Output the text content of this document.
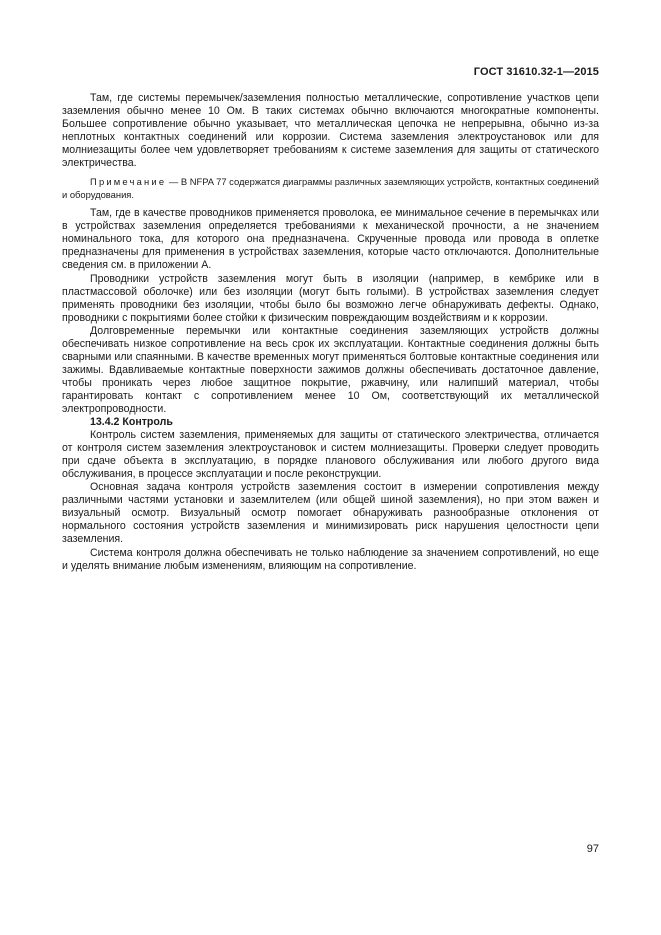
ГОСТ 31610.32-1—2015

Там, где системы перемычек/заземления полностью металлические, сопротивление участков цепи заземления обычно менее 10 Ом. В таких системах обычно включаются многократные компоненты. Большее сопротивление обычно указывает, что металлическая цепочка не непрерывна, обычно из-за неплотных контактных соединений или коррозии. Система заземления электроустановок или для молниезащиты более чем удовлетворяет требованиям к системе заземления для защиты от статического электричества.

Примечание — В NFPA 77 содержатся диаграммы различных заземляющих устройств, контактных соединений и оборудования.

Там, где в качестве проводников применяется проволока, ее минимальное сечение в перемычках или в устройствах заземления определяется требованиями к механической прочности, а не значением номинального тока, для которого она предназначена. Скрученные провода или провода в оплетке предназначены для применения в устройствах заземления, которые часто отключаются. Дополнительные сведения см. в приложении А.

Проводники устройств заземления могут быть в изоляции (например, в кембрике или в пластмассовой оболочке) или без изоляции (могут быть голыми). В устройствах заземления следует применять проводники без изоляции, чтобы было бы возможно легче обнаруживать дефекты. Однако, проводники с покрытиями более стойки к физическим повреждающим воздействиям и к коррозии.

Долговременные перемычки или контактные соединения заземляющих устройств должны обеспечивать низкое сопротивление на весь срок их эксплуатации. Контактные соединения должны быть сварными или спаянными. В качестве временных могут применяться болтовые контактные соединения или зажимы. Вдавливаемые контактные поверхности зажимов должны обеспечивать достаточное давление, чтобы проникать через любое защитное покрытие, ржавчину, или налипший материал, чтобы гарантировать контакт с сопротивлением менее 10 Ом, соответствующий их металлической электропроводности.

13.4.2 Контроль

Контроль систем заземления, применяемых для защиты от статического электричества, отличается от контроля систем заземления электроустановок и систем молниезащиты. Проверки следует проводить при сдаче объекта в эксплуатацию, в порядке планового обслуживания или любого другого вида обслуживания, в процессе эксплуатации и после реконструкции.

Основная задача контроля устройств заземления состоит в измерении сопротивления между различными частями установки и заземлителем (или общей шиной заземления), но при этом важен и визуальный осмотр. Визуальный осмотр помогает обнаруживать разнообразные отклонения от нормального состояния устройств заземления и минимизировать риск нарушения целостности цепи заземления.

Система контроля должна обеспечивать не только наблюдение за значением сопротивлений, но еще и уделять внимание любым изменениям, влияющим на сопротивление.

97
